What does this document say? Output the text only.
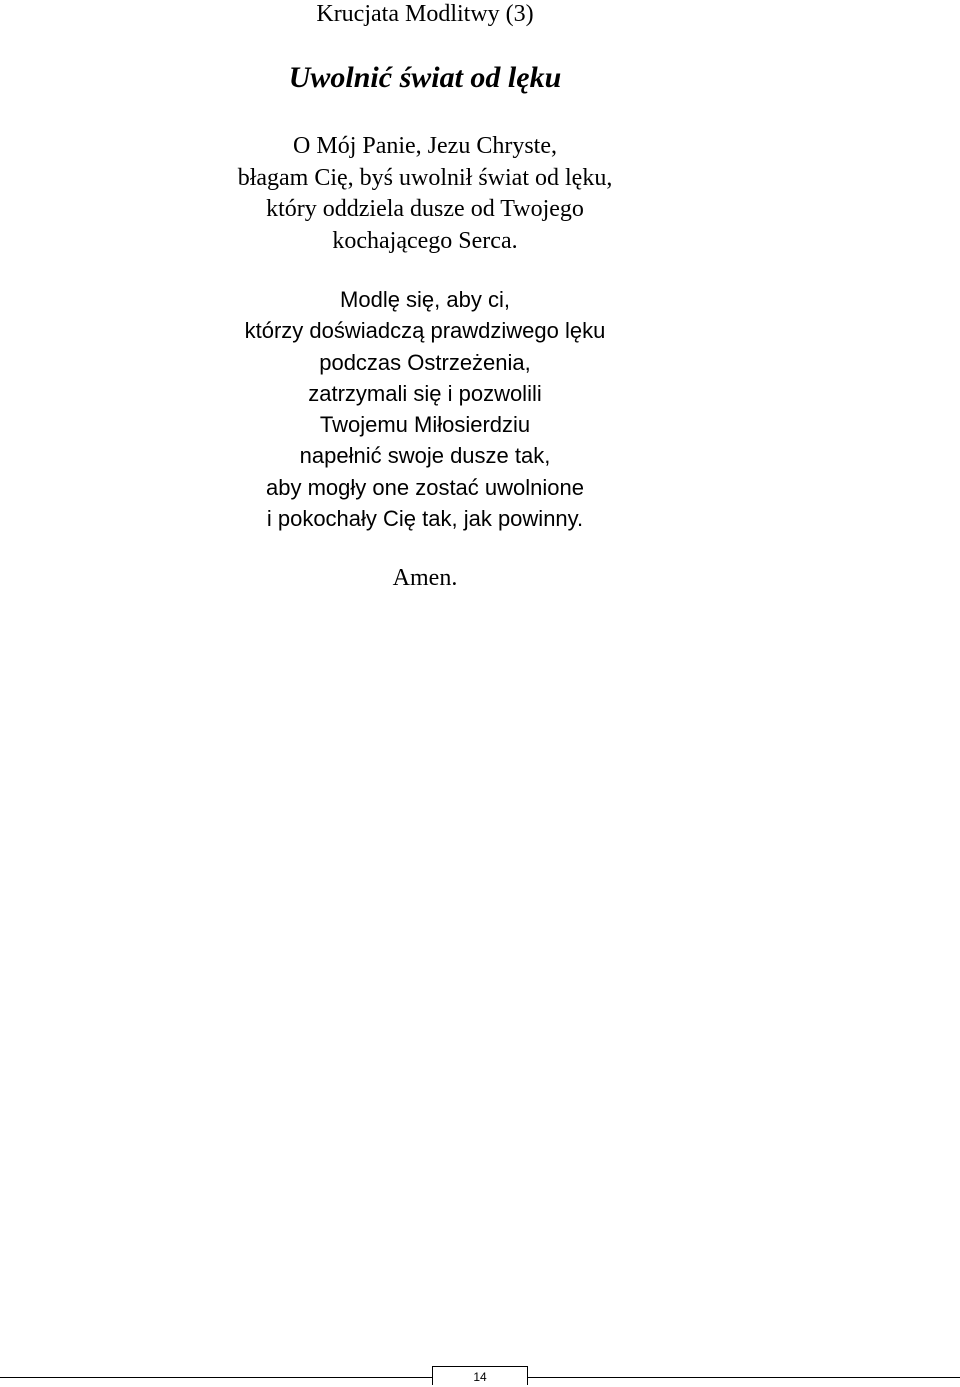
Krucjata Modlitwy (3)
Uwolnić świat od lęku
O Mój Panie, Jezu Chryste,
błagam Cię, byś uwolnił świat od lęku,
który oddziela dusze od Twojego
kochającego Serca.
Modlę się, aby ci,
którzy doświadczą prawdziwego lęku
podczas Ostrzeżenia,
zatrzymali się i pozwolili
Twojemu Miłosierdziu
napełnić swoje dusze tak,
aby mogły one zostać uwolnione
i pokochały Cię tak, jak powinny.
Amen.
14
